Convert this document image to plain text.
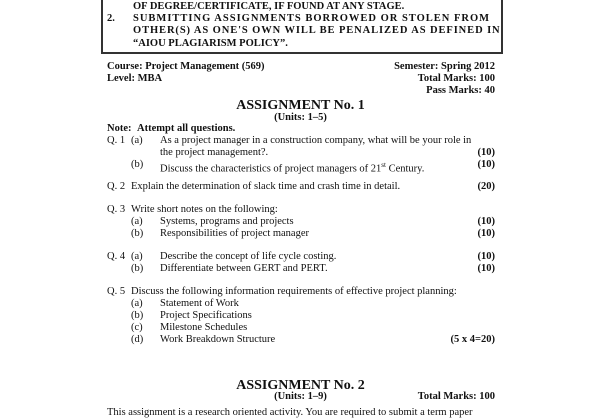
OF DEGREE/CERTIFICATE, IF FOUND AT ANY STAGE.
2. SUBMITTING ASSIGNMENTS BORROWED OR STOLEN FROM
OTHER(S) AS ONE'S OWN WILL BE PENALIZED AS DEFINED IN
“AIOU PLAGIARISM POLICY”.
Course: Project Management (569)
Level: MBA
Semester: Spring 2012
Total Marks: 100
Pass Marks: 40
ASSIGNMENT No. 1
(Units: 1–5)
Note: Attempt all questions.
Q. 1 (a) As a project manager in a construction company, what will be your role in
the project management?.	(10)
(b) Discuss the characteristics of project managers of 21st Century.	(10)
Q. 2 Explain the determination of slack time and crash time in detail.	(20)
Q. 3 Write short notes on the following:
(a) Systems, programs and projects	(10)
(b) Responsibilities of project manager	(10)
Q. 4 (a) Describe the concept of life cycle costing.	(10)
(b) Differentiate between GERT and PERT.	(10)
Q. 5 Discuss the following information requirements of effective project planning:
(a) Statement of Work
(b) Project Specifications
(c) Milestone Schedules
(d) Work Breakdown Structure	(5 x 4=20)
ASSIGNMENT No. 2
(Units: 1–9)	Total Marks: 100
This assignment is a research oriented activity. You are required to submit a term paper
